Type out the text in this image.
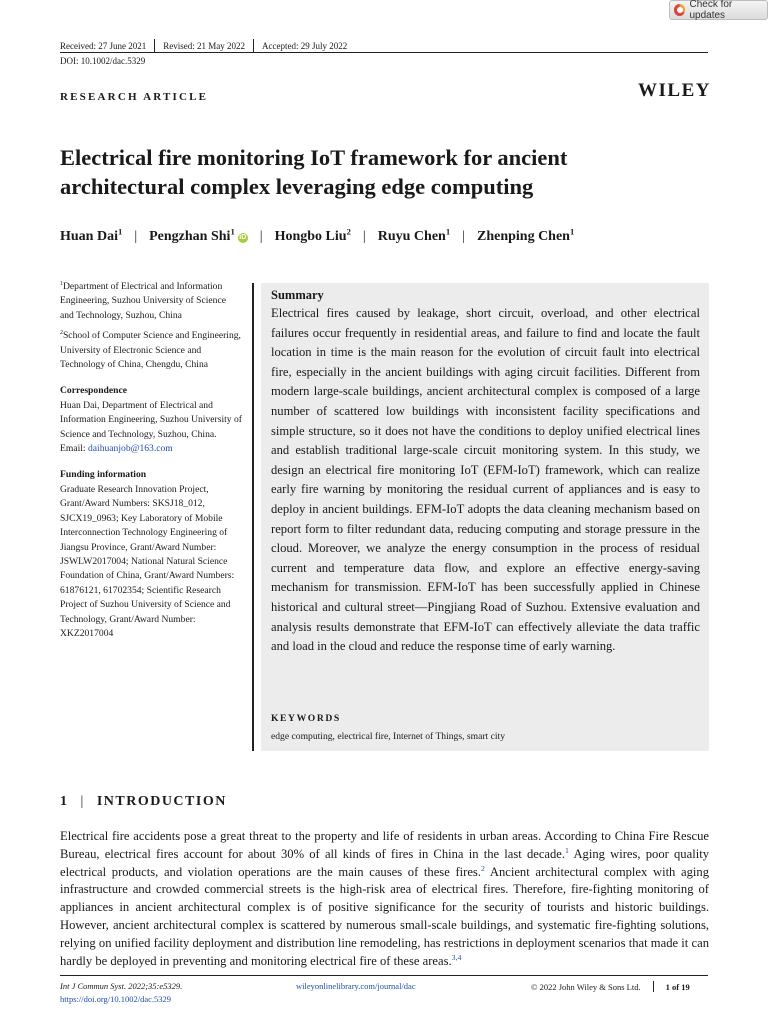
Check for updates
Received: 27 June 2021 Revised: 21 May 2022 Accepted: 29 July 2022
DOI: 10.1002/dac.5329
RESEARCH ARTICLE	WILEY
Electrical fire monitoring IoT framework for ancient architectural complex leveraging edge computing
Huan Dai$^1$ | Pengzhan Shi$^1$iD | Hongbo Liu$^2$ | Ruyu Chen$^1$ | Zhenping Chen$^1$

$^1$Department of Electrical and Information Engineering, Suzhou University of Science and Technology, Suzhou, China

$^2$School of Computer Science and Engineering, University of Electronic Science and Technology of China, Chengdu, China

Correspondence

Huan Dai, Department of Electrical and Information Engineering, Suzhou University of Science and Technology, Suzhou, China.
Email: daihuanjob@163.com

Funding information

Graduate Research Innovation Project, Grant/Award Numbers: SKSJ18_012, SJCX19_0963; Key Laboratory of Mobile Interconnection Technology Engineering of Jiangsu Province, Grant/Award Number: JSWLW2017004; National Natural Science Foundation of China, Grant/Award Numbers: 61876121, 61702354; Scientific Research Project of Suzhou University of Science and Technology, Grant/Award Number: XKZ2017004

Summary
Electrical fires caused by leakage, short circuit, overload, and other electrical failures occur frequently in residential areas, and failure to find and locate the fault location in time is the main reason for the evolution of circuit fault into electrical fire, especially in the ancient buildings with aging circuit facilities. Different from modern large-scale buildings, ancient architectural complex is composed of a large number of scattered low buildings with inconsistent facility specifications and simple structure, so it does not have the conditions to deploy unified electrical lines and establish traditional large-scale circuit monitoring system. In this study, we design an electrical fire monitoring IoT (EFM-IoT) framework, which can realize early fire warning by monitoring the residual current of appliances and is easy to deploy in ancient buildings. EFM-IoT adopts the data cleaning mechanism based on report form to filter redundant data, reducing computing and storage pressure in the cloud. Moreover, we analyze the energy consumption in the process of residual current and temperature data flow, and explore an effective energy-saving mechanism for transmission. EFM-IoT has been successfully applied in Chinese historical and cultural street—Pingjiang Road of Suzhou. Extensive evaluation and analysis results demonstrate that EFM-IoT can effectively alleviate the data traffic and load in the cloud and reduce the response time of early warning.
KEYWORDS
edge computing, electrical fire, Internet of Things, smart city
1 | INTRODUCTION
Electrical fire accidents pose a great threat to the property and life of residents in urban areas. According to China Fire Rescue Bureau, electrical fires account for about 30% of all kinds of fires in China in the last decade.$^1$ Aging wires, poor quality electrical products, and violation operations are the main causes of these fires.$^2$ Ancient architectural complex with aging infrastructure and crowded commercial streets is the high-risk area of electrical fires. Therefore, fire-fighting monitoring of appliances in ancient architectural complex is of positive significance for the security of tourists and historic buildings. However, ancient architectural complex is scattered by numerous small-scale buildings, and systematic fire-fighting solutions, relying on unified facility deployment and distribution line remodeling, has restrictions in deployment scenarios that made it can hardly be deployed in preventing and monitoring electrical fire of these areas.$^{3,4}$
Int J Commun Syst. 2022;35:e5329.
https://doi.org/10.1002/dac.5329
wileyonlinelibrary.com/journal/dac	© 2022 John Wiley & Sons Ltd.	1 of 19
